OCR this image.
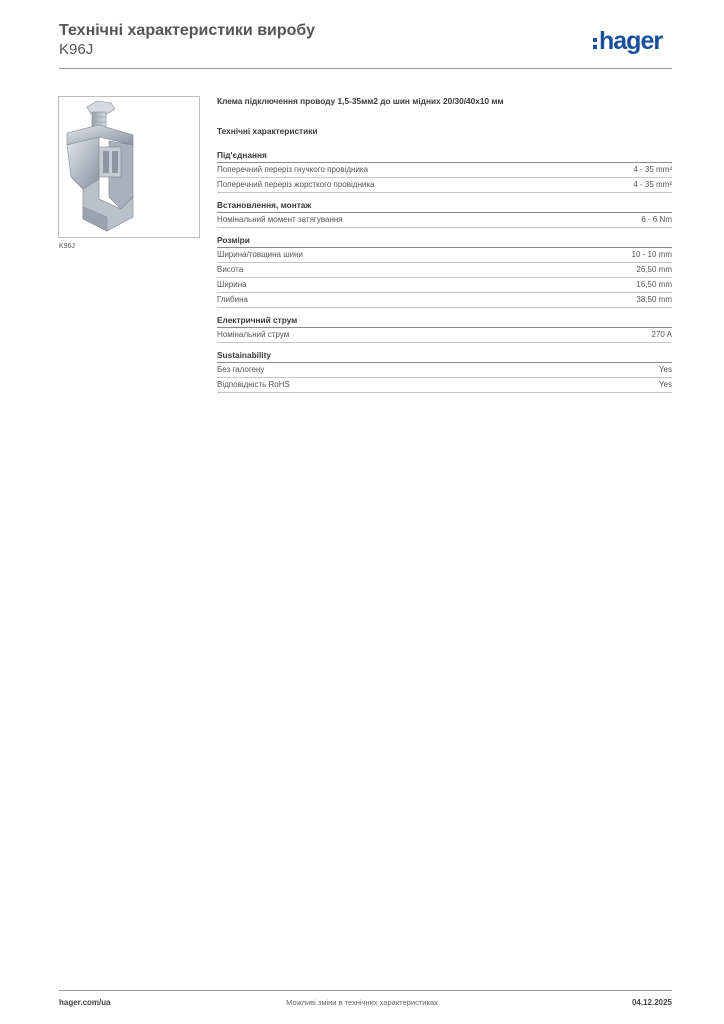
Технічні характеристики виробу
K96J	hager
K96J
Клема підключення проводу 1,5-35мм2 до шин мідних 20/30/40x10 мм
Технічні характеристики
Під'єднання
Поперечний переріз гнучкого провідника	4 - 35 mm²
Поперечний переріз жорсткого провідника	4 - 35 mm²
Встановлення, монтаж
Номінальний момент затягування	6 - 6 Nm
Розміри
Ширина/товщина шини	10 - 10 mm
Висота	26,50 mm
Ширина	16,50 mm
Глибина	38,50 mm
Електричний струм
Номінальний струм	270 A
Sustainability
Без галогену	Yes
Відповідність RoHS	Yes
hager.com/ua	Можливі зміни в технічних характеристиках	04.12.2025
